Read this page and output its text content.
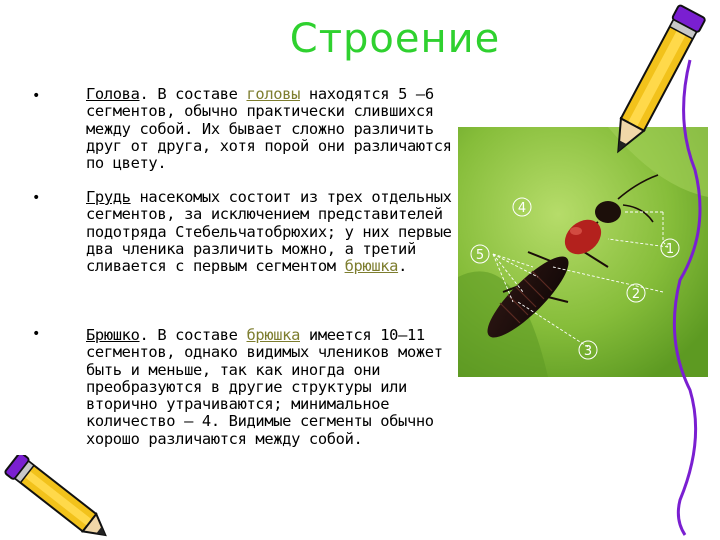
Строение
•
•
•

Голова. В составе головы находятся 5 –6 сегментов, обычно практически слившихся между собой. Их бывает сложно различить друг от друга, хотя порой они различаются по цвету.

Грудь насекомых состоит из трех отдельных сегментов, за исключением представителей подотряда Стебельчатобрюхих; у них первые два членика различить можно, а третий сливается с первым сегментом брюшка.

Брюшко. В составе брюшка имеется 10–11 сегментов, однако видимых члеников может быть и меньше, так как иногда они преобразуются в другие структуры или вторично утрачиваются; минимальное количество – 4. Видимые сегменты обычно хорошо различаются между собой.

1
2
3
4
5
